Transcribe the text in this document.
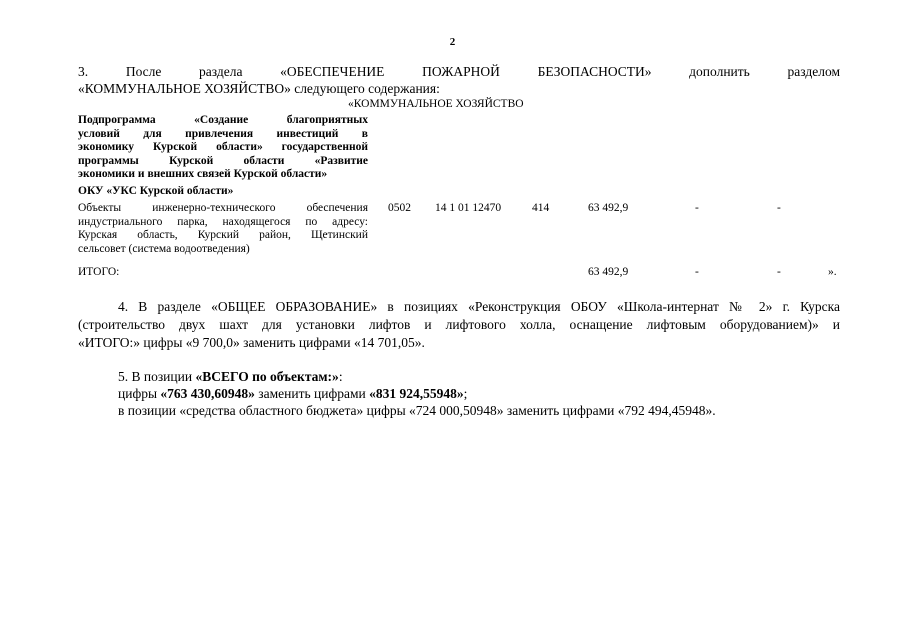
2
3. После раздела «ОБЕСПЕЧЕНИЕ ПОЖАРНОЙ БЕЗОПАСНОСТИ» дополнить разделом
«КОММУНАЛЬНОЕ ХОЗЯЙСТВО» следующего содержания:
«КОММУНАЛЬНОЕ ХОЗЯЙСТВО
Подпрограмма «Создание благоприятных
условий для привлечения инвестиций в
экономику Курской области» государственной
программы Курской области «Развитие
экономики и внешних связей Курской области»
ОКУ «УКС Курской области»
Объекты инженерно-технического обеспечения
индустриального парка, находящегося по адресу:
Курская область, Курский район, Щетинский
сельсовет (система водоотведения)
0502 14 1 01 12470	414	63 492,9	-	-
ИТОГО:	63 492,9	-	-	».
4. В разделе «ОБЩЕЕ ОБРАЗОВАНИЕ» в позициях «Реконструкция ОБОУ «Школа-интернат № 2» г. Курска
(строительство двух шахт для установки лифтов и лифтового холла, оснащение лифтовым оборудованием)» и
«ИТОГО:» цифры «9 700,0» заменить цифрами «14 701,05».
5. В позиции «ВСЕГО по объектам:»:
цифры «763 430,60948» заменить цифрами «831 924,55948»;
в позиции «средства областного бюджета» цифры «724 000,50948» заменить цифрами «792 494,45948».
